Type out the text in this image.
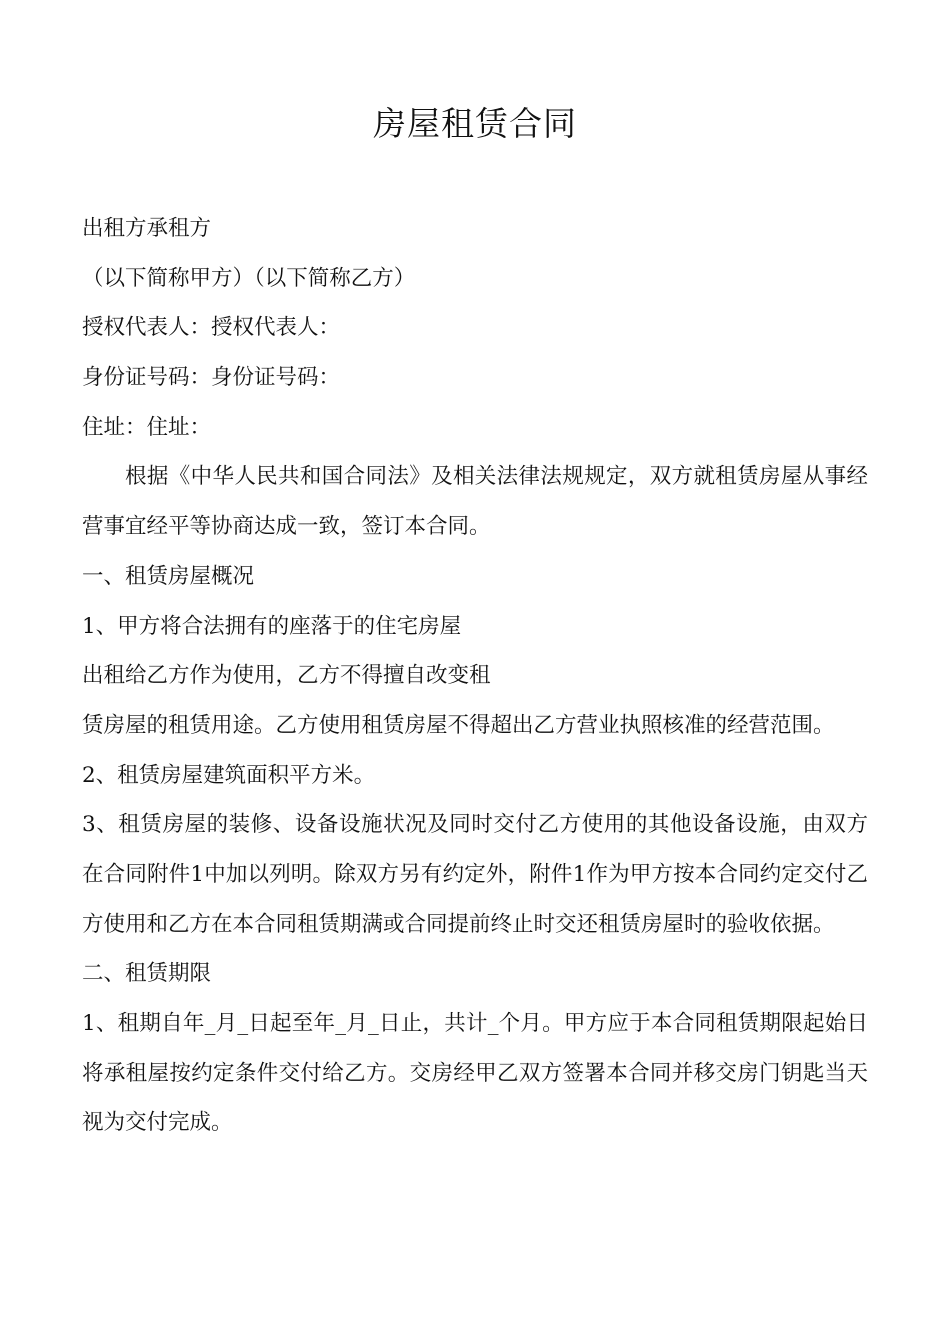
房屋租赁合同
出租方承租方
（以下简称甲方）（以下简称乙方）
授权代表人：授权代表人：
身份证号码：身份证号码：
住址：住址：
根据《中华人民共和国合同法》及相关法律法规规定，双方就租赁房屋从事经营事宜经平等协商达成一致，签订本合同。
一、租赁房屋概况
1、甲方将合法拥有的座落于的住宅房屋
出租给乙方作为使用，乙方不得擅自改变租
赁房屋的租赁用途。乙方使用租赁房屋不得超出乙方营业执照核准的经营范围。
2、租赁房屋建筑面积平方米。
3、租赁房屋的装修、设备设施状况及同时交付乙方使用的其他设备设施，由双方在合同附件1中加以列明。除双方另有约定外，附件1作为甲方按本合同约定交付乙方使用和乙方在本合同租赁期满或合同提前终止时交还租赁房屋时的验收依据。
二、租赁期限
1、租期自年_月_日起至年_月_日止，共计_个月。甲方应于本合同租赁期限起始日将承租屋按约定条件交付给乙方。交房经甲乙双方签署本合同并移交房门钥匙当天视为交付完成。
